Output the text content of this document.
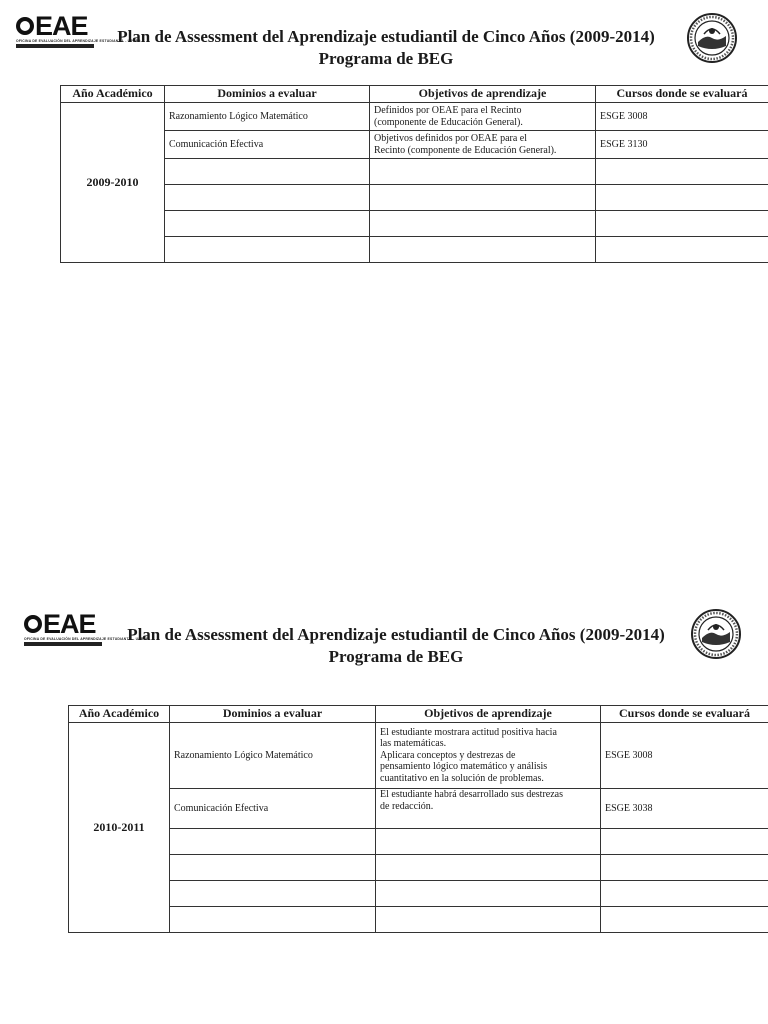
EAE
OFICINA DE EVALUACIÓN DEL APRENDIZAJE ESTUDIANTIL - UPRRP
Plan de Assessment del Aprendizaje estudiantil de Cinco Años (2009-2014)
Programa de BEG
Año Académico	Dominios a evaluar	Objetivos de aprendizaje	Cursos donde se evaluará
2009-2010	Razonamiento Lógico Matemático	Definidos por OEAE para el Recinto
(componente de Educación General).	ESGE 3008
	Comunicación Efectiva	Objetivos definidos por OEAE para el
Recinto (componente de Educación General).	ESGE 3130

EAE
OFICINA DE EVALUACIÓN DEL APRENDIZAJE ESTUDIANTIL - UPRRP
Plan de Assessment del Aprendizaje estudiantil de Cinco Años (2009-2014)
Programa de BEG
Año Académico	Dominios a evaluar	Objetivos de aprendizaje	Cursos donde se evaluará
2010-2011	Razonamiento Lógico Matemático	El estudiante mostrara actitud positiva hacia
las matemáticas.
Aplicara conceptos y destrezas de
pensamiento lógico matemático y análisis
cuantitativo en la solución de problemas.	ESGE 3008
	Comunicación Efectiva	El estudiante habrá desarrollado sus destrezas
de redacción.	ESGE 3038
